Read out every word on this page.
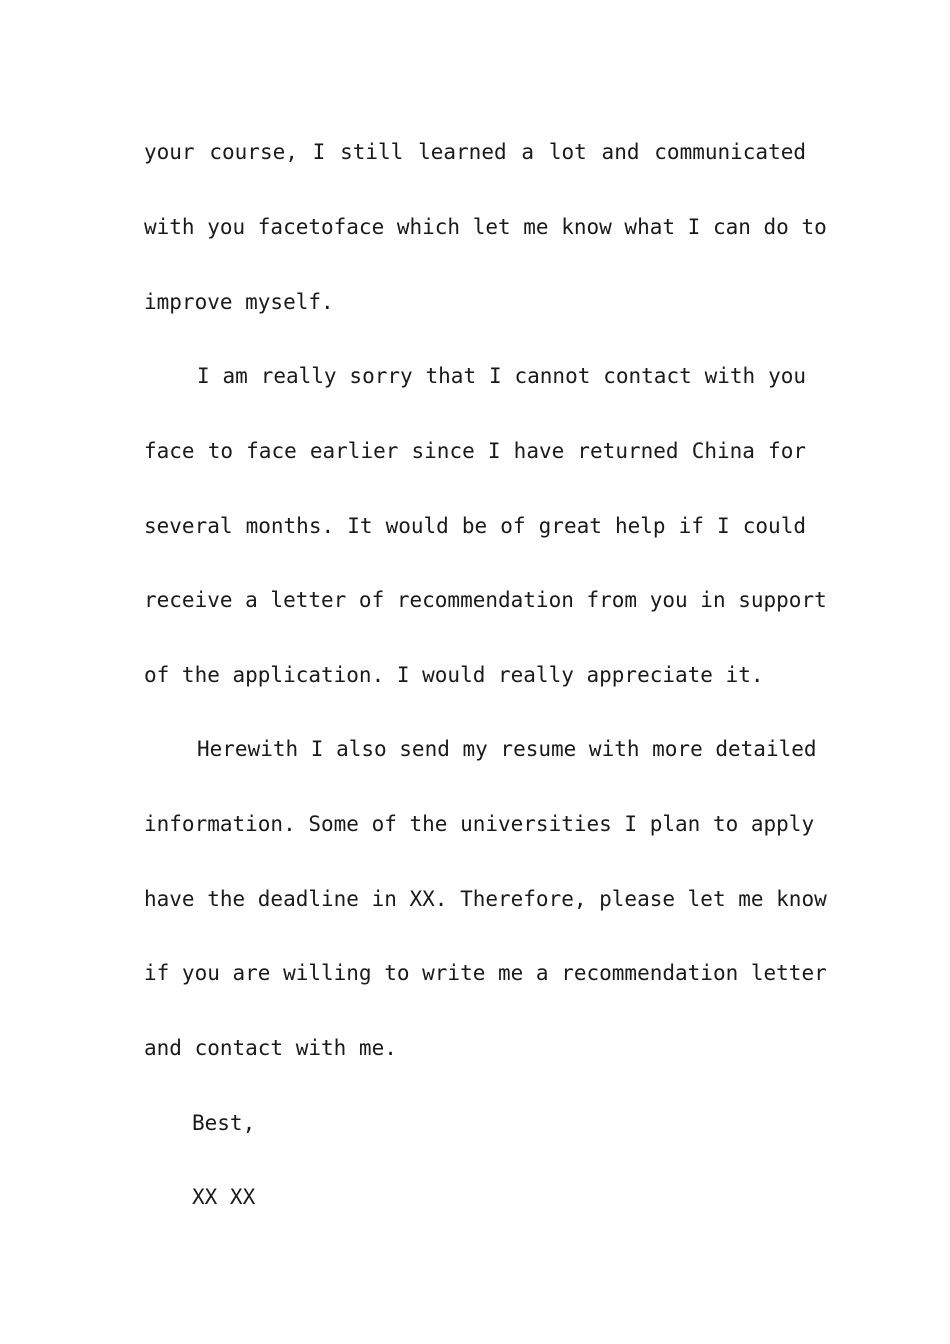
your course, I still learned a lot and communicated
with you facetoface which let me know what I can do to
improve myself.
I am really sorry that I cannot contact with you
face to face earlier since I have returned China for
several months. It would be of great help if I could
receive a letter of recommendation from you in support
of the application. I would really appreciate it.
Herewith I also send my resume with more detailed
information. Some of the universities I plan to apply
have the deadline in XX. Therefore, please let me know
if you are willing to write me a recommendation letter
and contact with me.
Best,
XX XX
